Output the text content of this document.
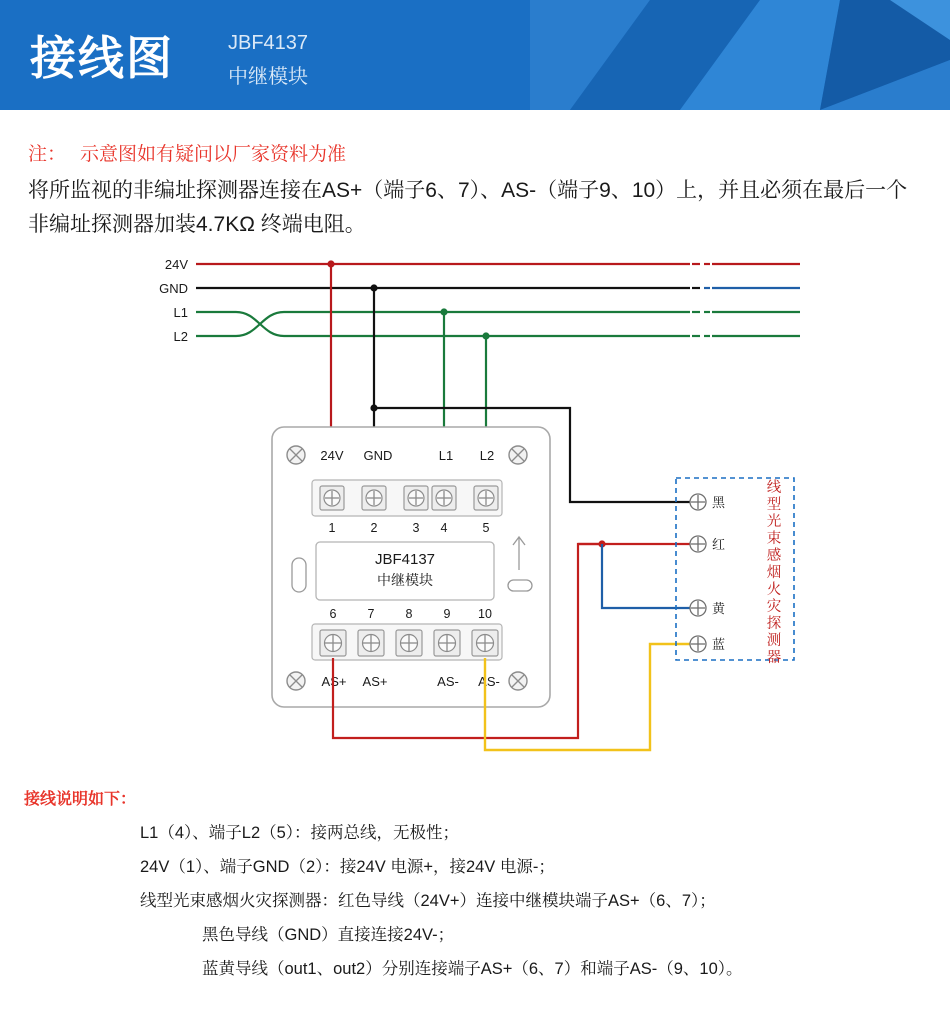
接线图	JBF4137
中继模块
注： 示意图如有疑问以厂家资料为准
将所监视的非编址探测器连接在AS+（端子6、7）、AS-（端子9、10）上，并且必须在最后一个非编址探测器加装4.7KΩ 终端电阻。
24V
GND
L1
L2
24V GND	L1 L2
1	2	3 4	5
JBF4137
中继模块
6 7 8 9 10
AS+ AS+	AS- AS-
黑
红
黄
蓝
线
型
光
束
感
烟
火
灾
探
测
器
接线说明如下：
L1（4）、端子L2（5）：接两总线，无极性；
24V（1）、端子GND（2）：接24V 电源+，接24V 电源-；
线型光束感烟火灾探测器：红色导线（24V+）连接中继模块端子AS+（6、7）；
黑色导线（GND）直接连接24V-；
蓝黄导线（out1、out2）分别连接端子AS+（6、7）和端子AS-（9、10）。
